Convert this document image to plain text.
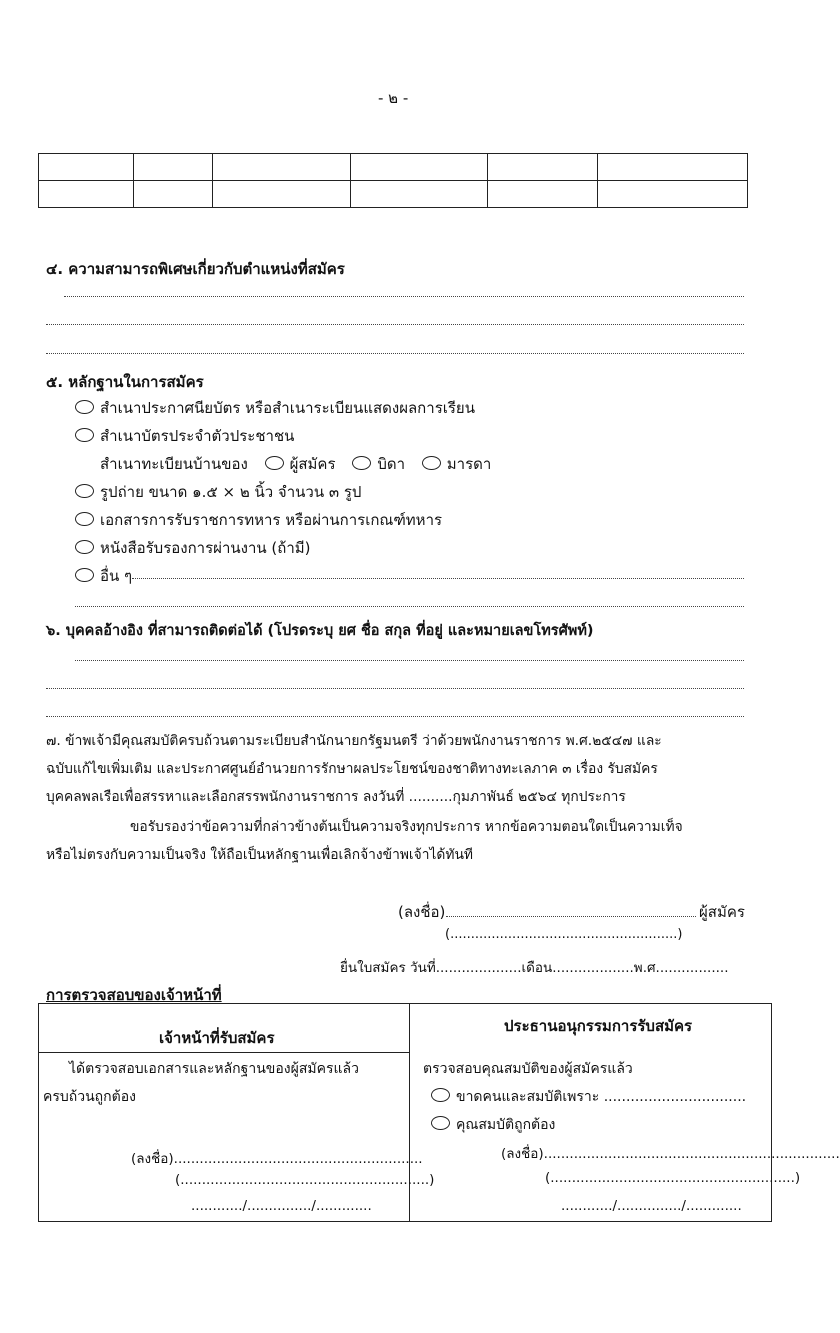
- ๒ -

๔. ความสามารถพิเศษเกี่ยวกับตำแหน่งที่สมัคร
๕. หลักฐานในการสมัคร
สำเนาประกาศนียบัตร หรือสำเนาระเบียนแสดงผลการเรียน
สำเนาบัตรประจำตัวประชาชน
สำเนาทะเบียนบ้านของ	ผู้สมัคร	บิดา	มารดา
รูปถ่าย ขนาด ๑.๕ × ๒ นิ้ว จำนวน ๓ รูป
เอกสารการรับราชการทหาร หรือผ่านการเกณฑ์ทหาร
หนังสือรับรองการผ่านงาน (ถ้ามี)
อื่น ๆ
๖. บุคคลอ้างอิง ที่สามารถติดต่อได้ (โปรดระบุ ยศ ชื่อ สกุล ที่อยู่ และหมายเลขโทรศัพท์)
๗. ข้าพเจ้ามีคุณสมบัติครบถ้วนตามระเบียบสำนักนายกรัฐมนตรี ว่าด้วยพนักงานราชการ พ.ศ.๒๕๔๗ และ
ฉบับแก้ไขเพิ่มเติม และประกาศศูนย์อำนวยการรักษาผลประโยชน์ของชาติทางทะเลภาค ๓ เรื่อง รับสมัคร
บุคคลพลเรือเพื่อสรรหาและเลือกสรรพนักงานราชการ ลงวันที่ ..........กุมภาพันธ์ ๒๕๖๔ ทุกประการ
ขอรับรองว่าข้อความที่กล่าวข้างต้นเป็นความจริงทุกประการ หากข้อความตอนใดเป็นความเท็จ
หรือไม่ตรงกับความเป็นจริง ให้ถือเป็นหลักฐานเพื่อเลิกจ้างข้าพเจ้าได้ทันที
(ลงชื่อ)	ผู้สมัคร
(.......................................................)
ยื่นใบสมัคร วันที่....................เดือน...................พ.ศ.................
การตรวจสอบของเจ้าหน้าที่
เจ้าหน้าที่รับสมัคร
ได้ตรวจสอบเอกสารและหลักฐานของผู้สมัครแล้ว
ครบถ้วนถูกต้อง
(ลงชื่อ)..........................................................
(..........................................................)
............/.............../.............
ประธานอนุกรรมการรับสมัคร
ตรวจสอบคุณสมบัติของผู้สมัครแล้ว
ขาดคนและสมบัติเพราะ ................................
คุณสมบัติถูกต้อง
(ลงชื่อ).....................................................................
(.........................................................)
............/.............../.............
